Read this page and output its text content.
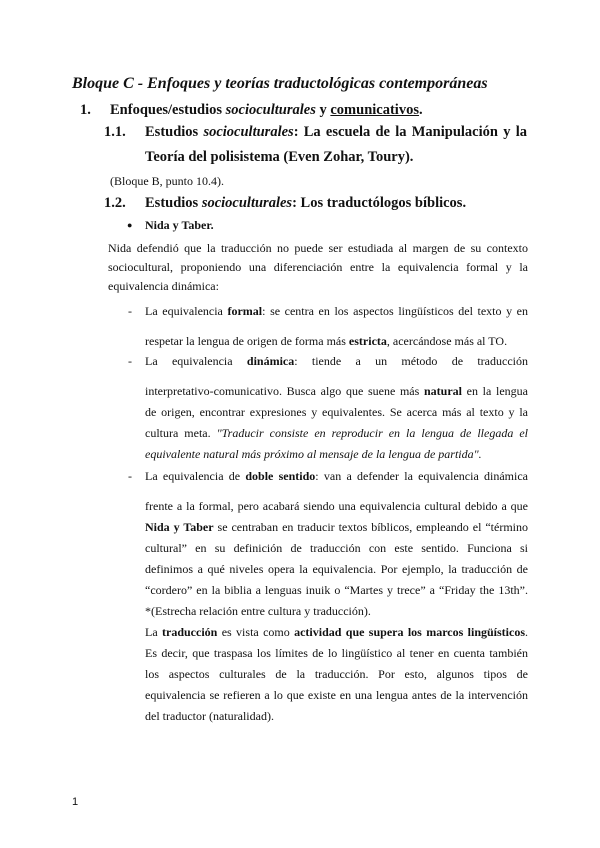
Bloque C - Enfoques y teorías traductológicas contemporáneas
1. Enfoques/estudios socioculturales y comunicativos.
1.1. Estudios socioculturales: La escuela de la Manipulación y la
Teoría del polisistema (Even Zohar, Toury).
(Bloque B, punto 10.4).
1.2. Estudios socioculturales: Los traductólogos bíblicos.
● Nida y Taber.
Nida defendió que la traducción no puede ser estudiada al margen de su contexto
sociocultural, proponiendo una diferenciación entre la equivalencia formal y la
equivalencia dinámica:
- La equivalencia formal: se centra en los aspectos lingüísticos del texto y en
respetar la lengua de origen de forma más estricta, acercándose más al TO.
- La equivalencia dinámica: tiende a un método de traducción
interpretativo-comunicativo. Busca algo que suene más natural en la lengua
de origen, encontrar expresiones y equivalentes. Se acerca más al texto y la
cultura meta. "Traducir consiste en reproducir en la lengua de llegada el
equivalente natural más próximo al mensaje de la lengua de partida".
- La equivalencia de doble sentido: van a defender la equivalencia dinámica
frente a la formal, pero acabará siendo una equivalencia cultural debido a que
Nida y Taber se centraban en traducir textos bíblicos, empleando el “término
cultural” en su definición de traducción con este sentido. Funciona si
definimos a qué niveles opera la equivalencia. Por ejemplo, la traducción de
“cordero” en la biblia a lenguas inuik o “Martes y trece” a “Friday the 13th”.
*(Estrecha relación entre cultura y traducción).
La traducción es vista como actividad que supera los marcos lingüísticos.
Es decir, que traspasa los límites de lo lingüístico al tener en cuenta también
los aspectos culturales de la traducción. Por esto, algunos tipos de
equivalencia se refieren a lo que existe en una lengua antes de la intervención
del traductor (naturalidad).
1
